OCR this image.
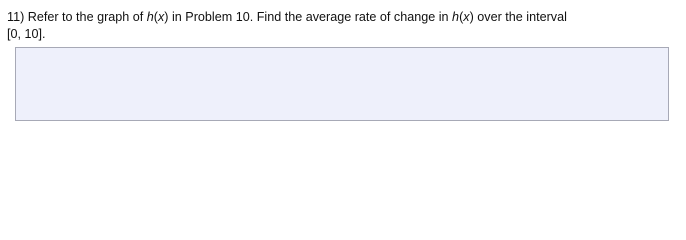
11) Refer to the graph of h(x) in Problem 10. Find the average rate of change in h(x) over the interval
[0, 10].
